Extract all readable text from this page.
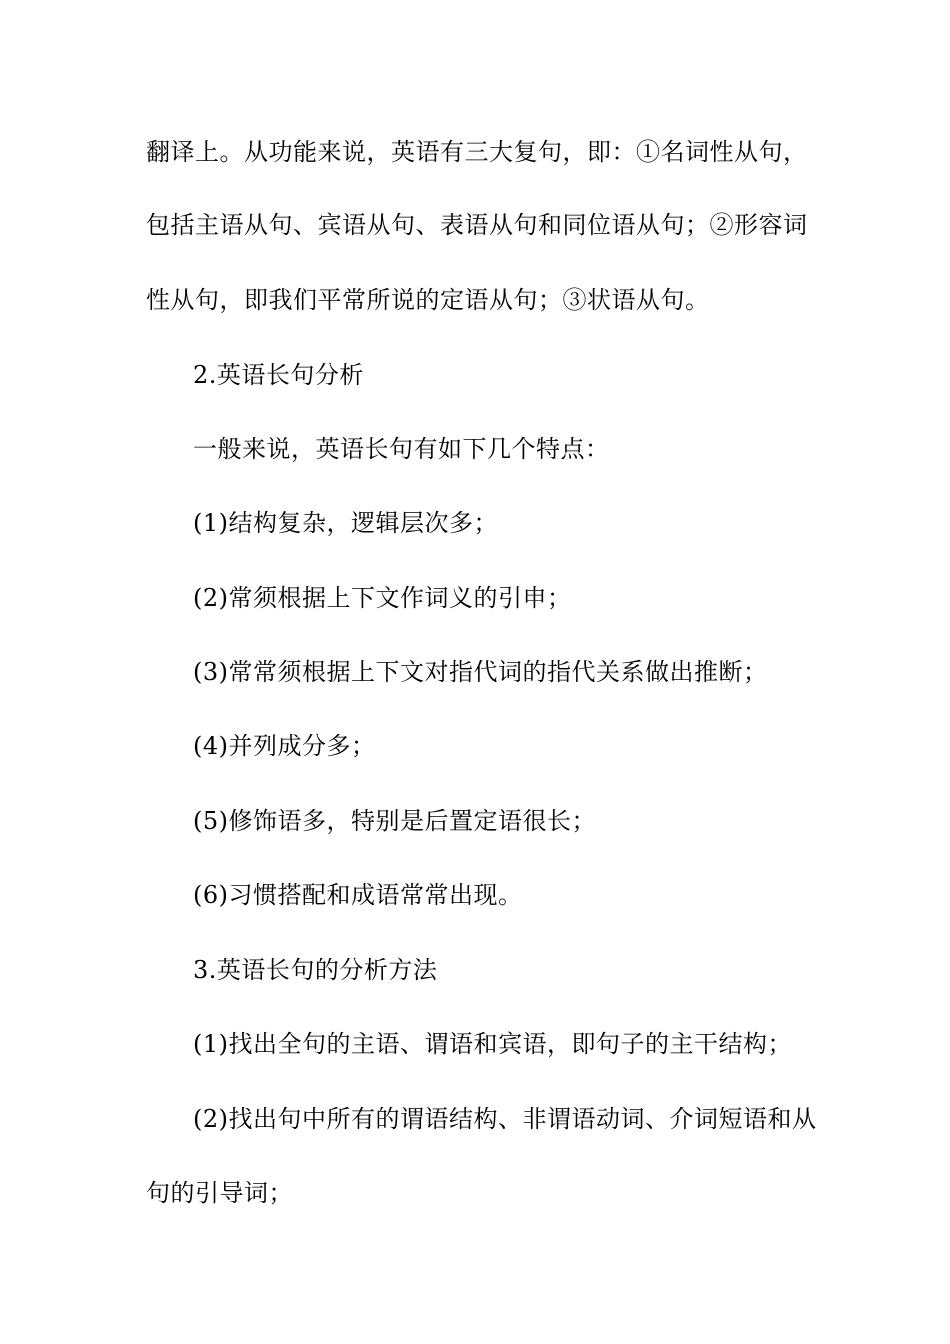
翻译上。从功能来说，英语有三大复句，即：①名词性从句，
包括主语从句、宾语从句、表语从句和同位语从句；②形容词
性从句，即我们平常所说的定语从句；③状语从句。
2.英语长句分析
一般来说，英语长句有如下几个特点：
(1)结构复杂，逻辑层次多；
(2)常须根据上下文作词义的引申；
(3)常常须根据上下文对指代词的指代关系做出推断；
(4)并列成分多；
(5)修饰语多，特别是后置定语很长；
(6)习惯搭配和成语常常出现。
3.英语长句的分析方法
(1)找出全句的主语、谓语和宾语，即句子的主干结构；
(2)找出句中所有的谓语结构、非谓语动词、介词短语和从
句的引导词；
